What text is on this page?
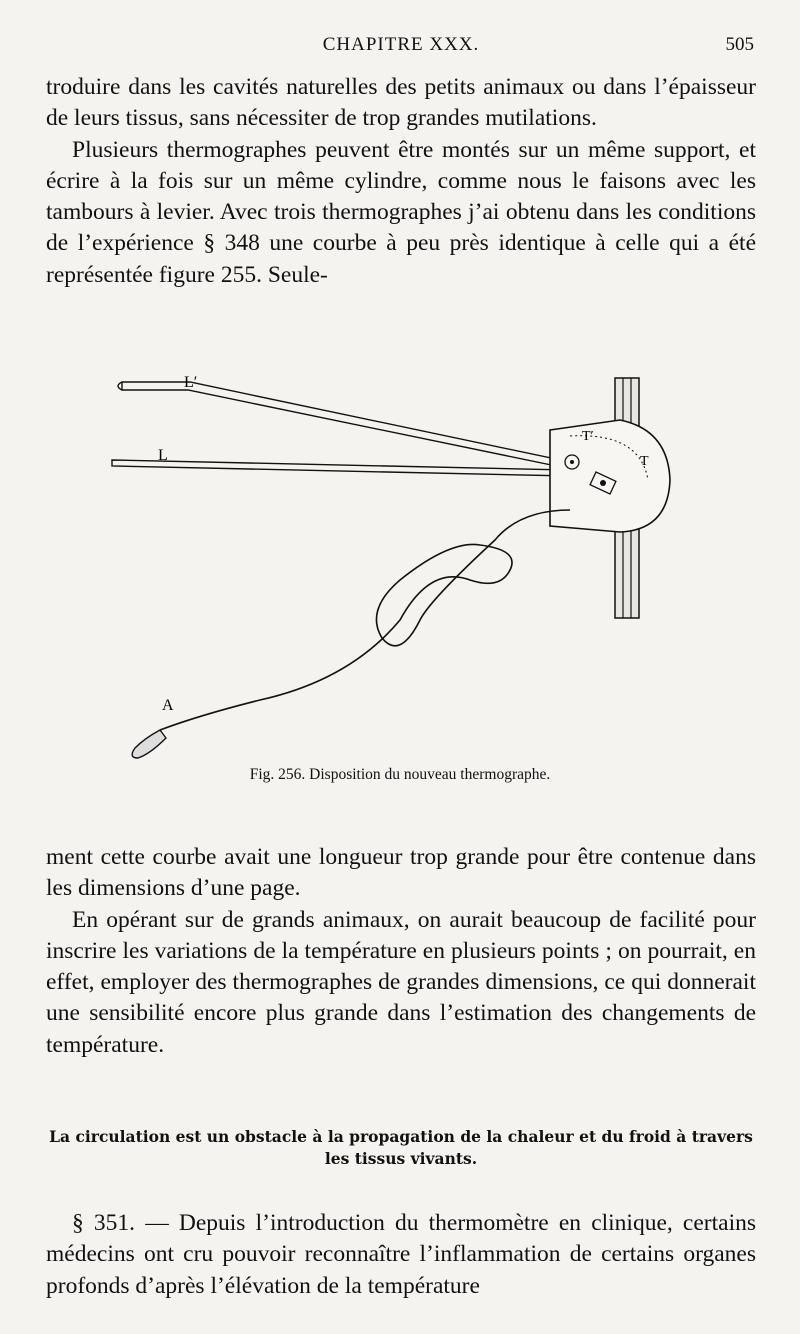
CHAPITRE XXX.	505

troduire dans les cavités naturelles des petits animaux ou dans l’épaisseur de leurs tissus, sans nécessiter de trop grandes mutilations.

Plusieurs thermographes peuvent être montés sur un même support, et écrire à la fois sur un même cylindre, comme nous le faisons avec les tambours à levier. Avec trois thermographes j’ai obtenu dans les conditions de l’expérience § 348 une courbe à peu près identique à celle qui a été représentée figure 255. Seule-

L′
L
T′
T
A
Fig. 256. Disposition du nouveau thermographe.

ment cette courbe avait une longueur trop grande pour être contenue dans les dimensions d’une page.

En opérant sur de grands animaux, on aurait beaucoup de facilité pour inscrire les variations de la température en plusieurs points ; on pourrait, en effet, employer des thermographes de grandes dimensions, ce qui donnerait une sensibilité encore plus grande dans l’estimation des changements de température.

La circulation est un obstacle à la propagation de la chaleur et du froid à travers les tissus vivants.

§ 351. — Depuis l’introduction du thermomètre en clinique, certains médecins ont cru pouvoir reconnaître l’inflammation de certains organes profonds d’après l’élévation de la température
